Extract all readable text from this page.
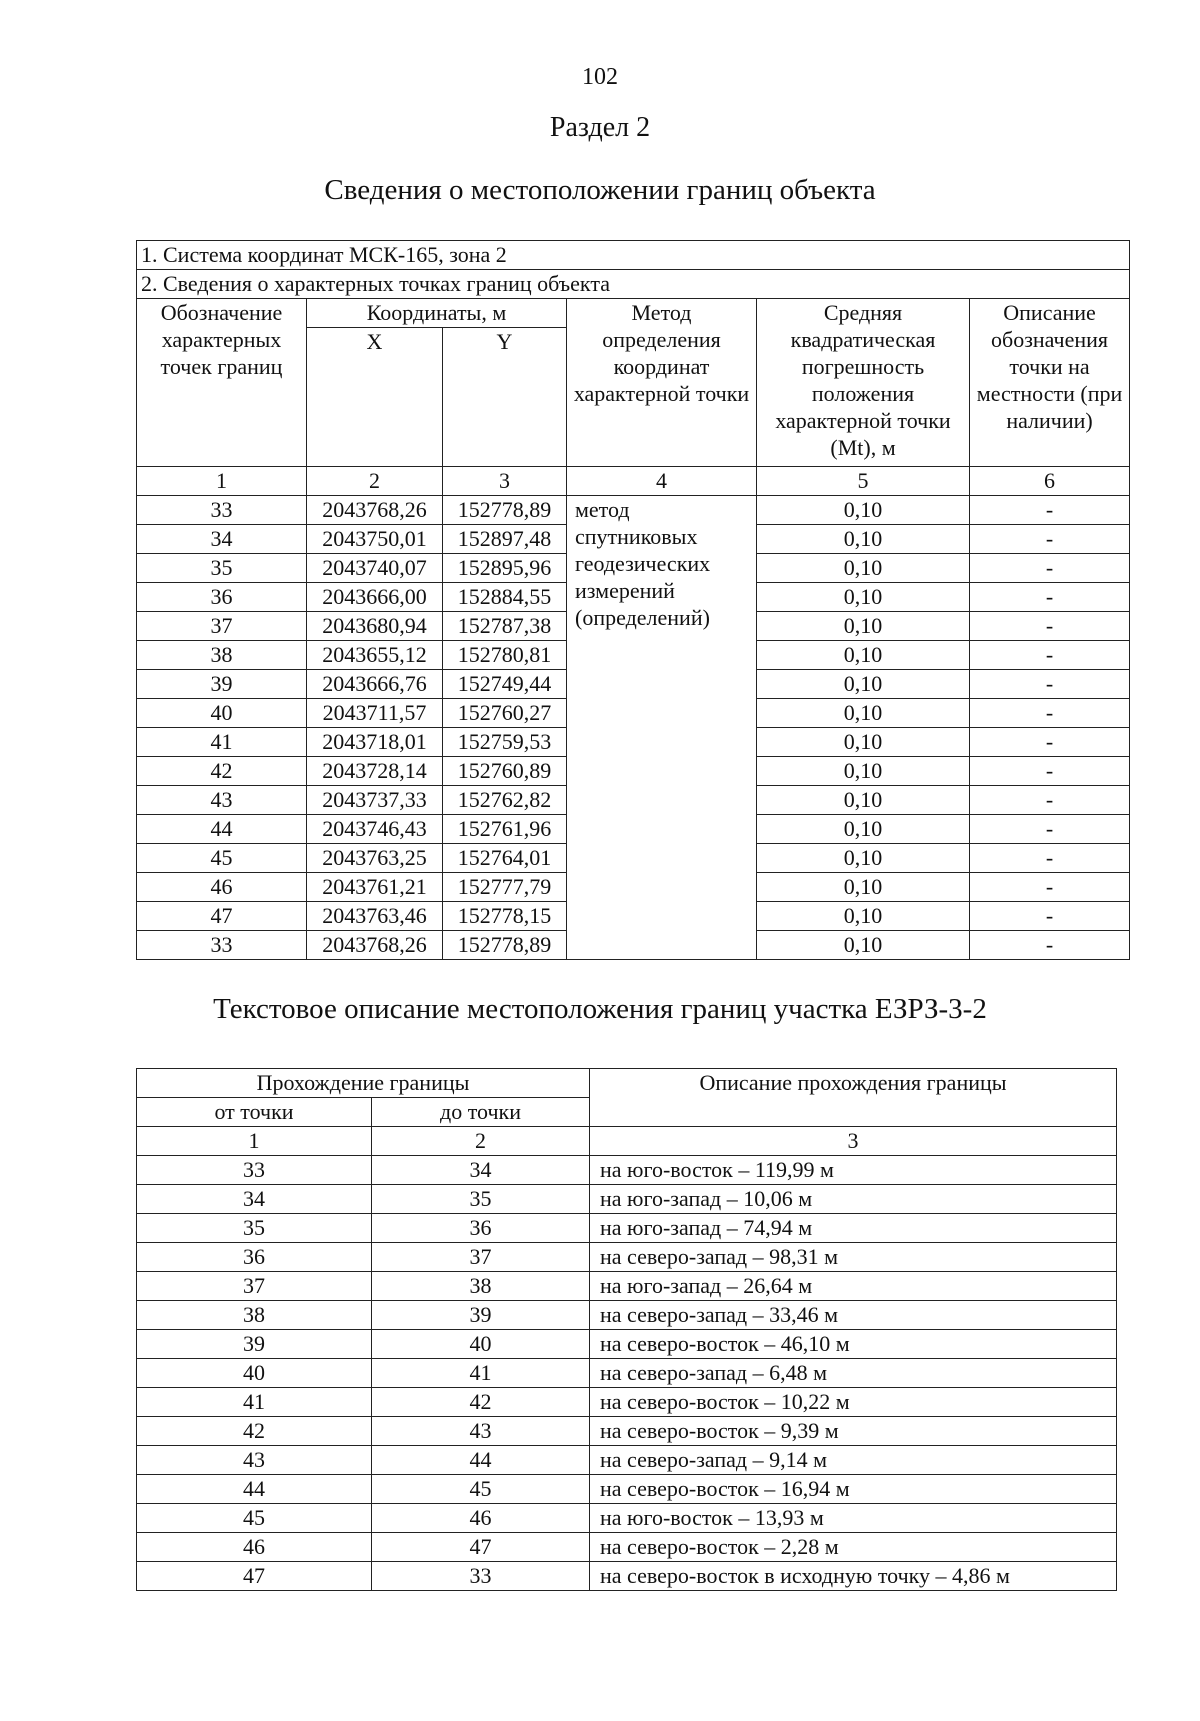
102
Раздел 2
Сведения о местоположении границ объекта
1. Система координат МСК-165, зона 2					
2. Сведения о характерных точках границ объекта					
Обозначение характерных точек границ	Координаты, м		Метод определения координат характерной точки	Средняя квадратическая погрешность положения характерной точки (Mt), м	Описание обозначения точки на местности (при наличии)
	X	Y			
1	2	3	4	5	6
33	2043768,26	152778,89	метод спутниковых геодезических измерений (определений)	0,10	-
34	2043750,01	152897,48		0,10	-
35	2043740,07	152895,96		0,10	-
36	2043666,00	152884,55		0,10	-
37	2043680,94	152787,38		0,10	-
38	2043655,12	152780,81		0,10	-
39	2043666,76	152749,44		0,10	-
40	2043711,57	152760,27		0,10	-
41	2043718,01	152759,53		0,10	-
42	2043728,14	152760,89		0,10	-
43	2043737,33	152762,82		0,10	-
44	2043746,43	152761,96		0,10	-
45	2043763,25	152764,01		0,10	-
46	2043761,21	152777,79		0,10	-
47	2043763,46	152778,15		0,10	-
33	2043768,26	152778,89		0,10	-
Текстовое описание местоположения границ участка ЕЗРЗ-3-2
Прохождение границы		Описание прохождения границы
от точки	до точки	
1	2	3
33	34	на юго-восток – 119,99 м
34	35	на юго-запад – 10,06 м
35	36	на юго-запад – 74,94 м
36	37	на северо-запад – 98,31 м
37	38	на юго-запад – 26,64 м
38	39	на северо-запад – 33,46 м
39	40	на северо-восток – 46,10 м
40	41	на северо-запад – 6,48 м
41	42	на северо-восток – 10,22 м
42	43	на северо-восток – 9,39 м
43	44	на северо-запад – 9,14 м
44	45	на северо-восток – 16,94 м
45	46	на юго-восток – 13,93 м
46	47	на северо-восток – 2,28 м
47	33	на северо-восток в исходную точку – 4,86 м
